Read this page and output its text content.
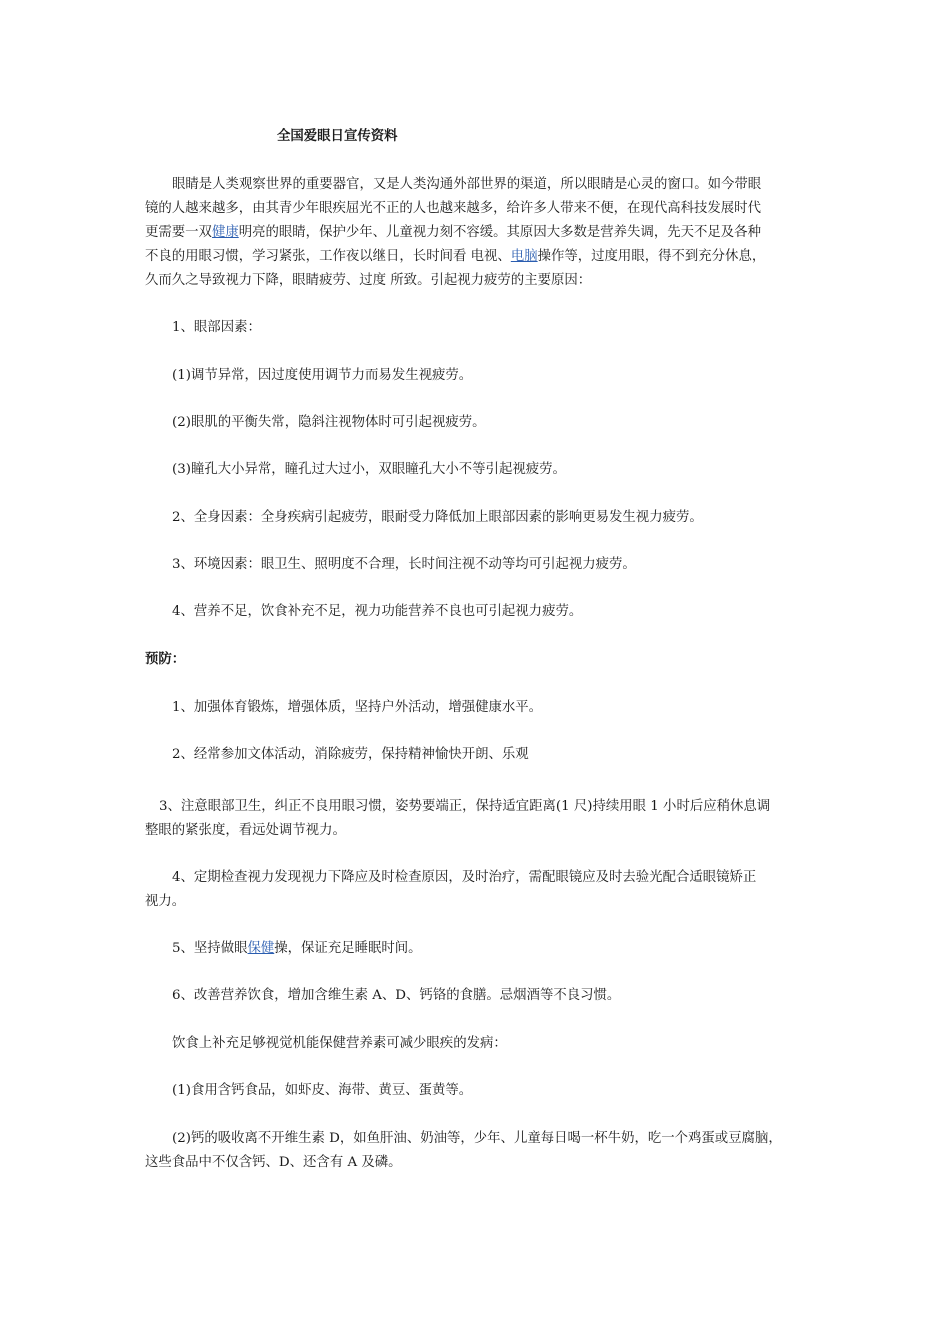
全国爱眼日宣传资料

眼睛是人类观察世界的重要器官，又是人类沟通外部世界的渠道，所以眼睛是心灵的窗口。如今带眼

镜的人越来越多，由其青少年眼疾屈光不正的人也越来越多，给许多人带来不便，在现代高科技发展时代

更需要一双健康明亮的眼睛，保护少年、儿童视力刻不容缓。其原因大多数是营养失调，先天不足及各种

不良的用眼习惯，学习紧张，工作夜以继日，长时间看 电视、电脑操作等，过度用眼，得不到充分休息，

久而久之导致视力下降，眼睛疲劳、过度 所致。引起视力疲劳的主要原因：

1、眼部因素：

(1)调节异常，因过度使用调节力而易发生视疲劳。

(2)眼肌的平衡失常，隐斜注视物体时可引起视疲劳。

(3)瞳孔大小异常，瞳孔过大过小，双眼瞳孔大小不等引起视疲劳。

2、全身因素：全身疾病引起疲劳，眼耐受力降低加上眼部因素的影响更易发生视力疲劳。

3、环境因素：眼卫生、照明度不合理，长时间注视不动等均可引起视力疲劳。

4、营养不足，饮食补充不足，视力功能营养不良也可引起视力疲劳。

预防：

1、加强体育锻炼，增强体质，坚持户外活动，增强健康水平。

2、经常参加文体活动，消除疲劳，保持精神愉快开朗、乐观

3、注意眼部卫生，纠正不良用眼习惯，姿势要端正，保持适宜距离(1 尺)持续用眼 1 小时后应稍休息调

整眼的紧张度，看远处调节视力。

4、定期检查视力发现视力下降应及时检查原因，及时治疗，需配眼镜应及时去验光配合适眼镜矫正

视力。

5、坚持做眼保健操，保证充足睡眠时间。

6、改善营养饮食，增加含维生素 A、D、钙铬的食膳。忌烟酒等不良习惯。

饮食上补充足够视觉机能保健营养素可减少眼疾的发病：

(1)食用含钙食品，如虾皮、海带、黄豆、蛋黄等。

(2)钙的吸收离不开维生素 D，如鱼肝油、奶油等，少年、儿童每日喝一杯牛奶，吃一个鸡蛋或豆腐脑，

这些食品中不仅含钙、D、还含有 A 及磷。
